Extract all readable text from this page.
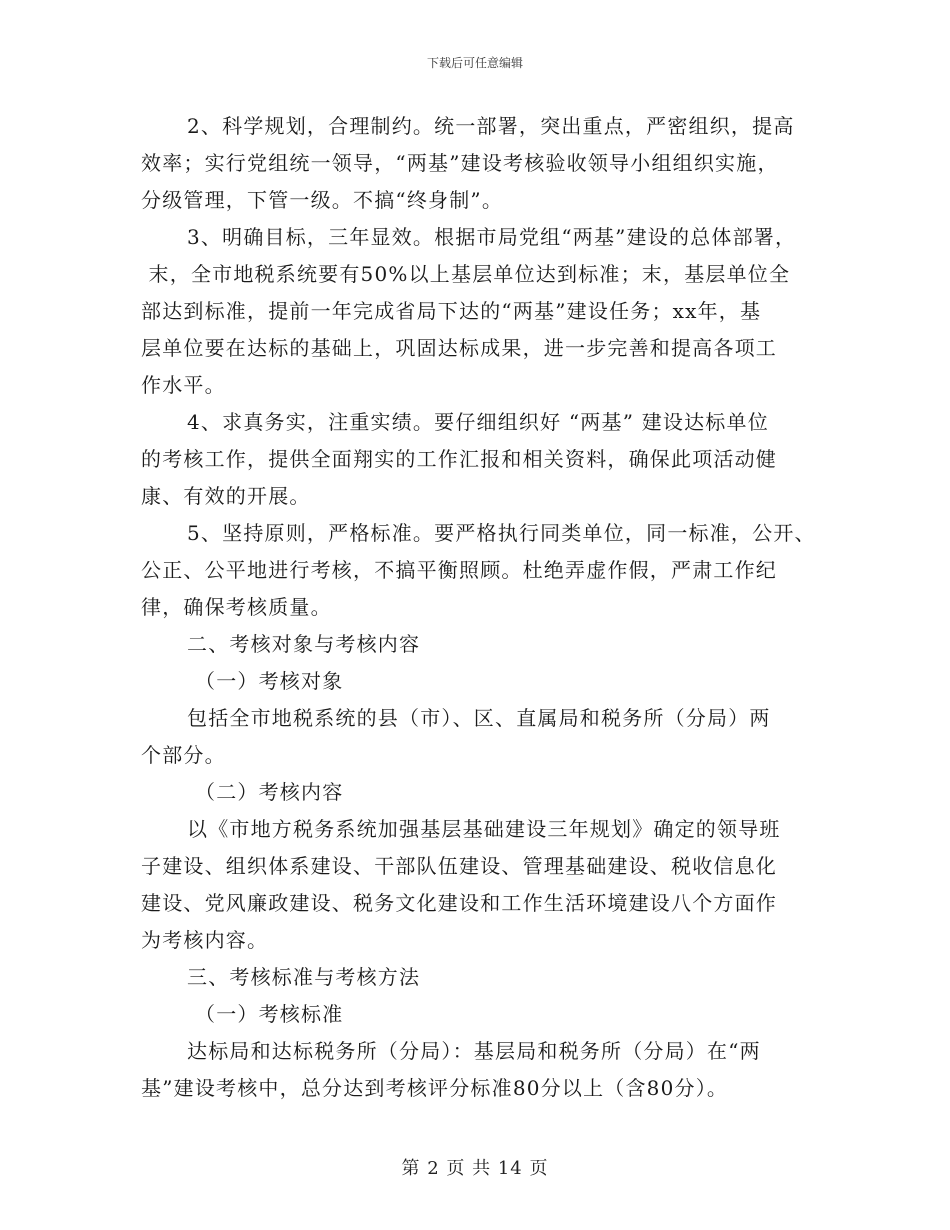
下载后可任意编辑
2、科学规划，合理制约。统一部署，突出重点，严密组织，提高
效率；实行党组统一领导，“两基”建设考核验收领导小组组织实施，
分级管理，下管一级。不搞“终身制”。
3、明确目标，三年显效。根据市局党组“两基”建设的总体部署，
末，全市地税系统要有50%以上基层单位达到标准；末，基层单位全
部达到标准，提前一年完成省局下达的“两基”建设任务；xx年，基
层单位要在达标的基础上，巩固达标成果，进一步完善和提高各项工
作水平。
4、求真务实，注重实绩。要仔细组织好 “两基” 建设达标单位
的考核工作，提供全面翔实的工作汇报和相关资料，确保此项活动健
康、有效的开展。
5、坚持原则，严格标准。要严格执行同类单位，同一标准，公开、
公正、公平地进行考核，不搞平衡照顾。杜绝弄虚作假，严肃工作纪
律，确保考核质量。
二、考核对象与考核内容
（一）考核对象
包括全市地税系统的县（市）、区、直属局和税务所（分局）两
个部分。
（二）考核内容
以《市地方税务系统加强基层基础建设三年规划》确定的领导班
子建设、组织体系建设、干部队伍建设、管理基础建设、税收信息化
建设、党风廉政建设、税务文化建设和工作生活环境建设八个方面作
为考核内容。
三、考核标准与考核方法
（一）考核标准
达标局和达标税务所（分局）：基层局和税务所（分局）在“两
基”建设考核中，总分达到考核评分标准80分以上（含80分）。
第 2 页 共 14 页
